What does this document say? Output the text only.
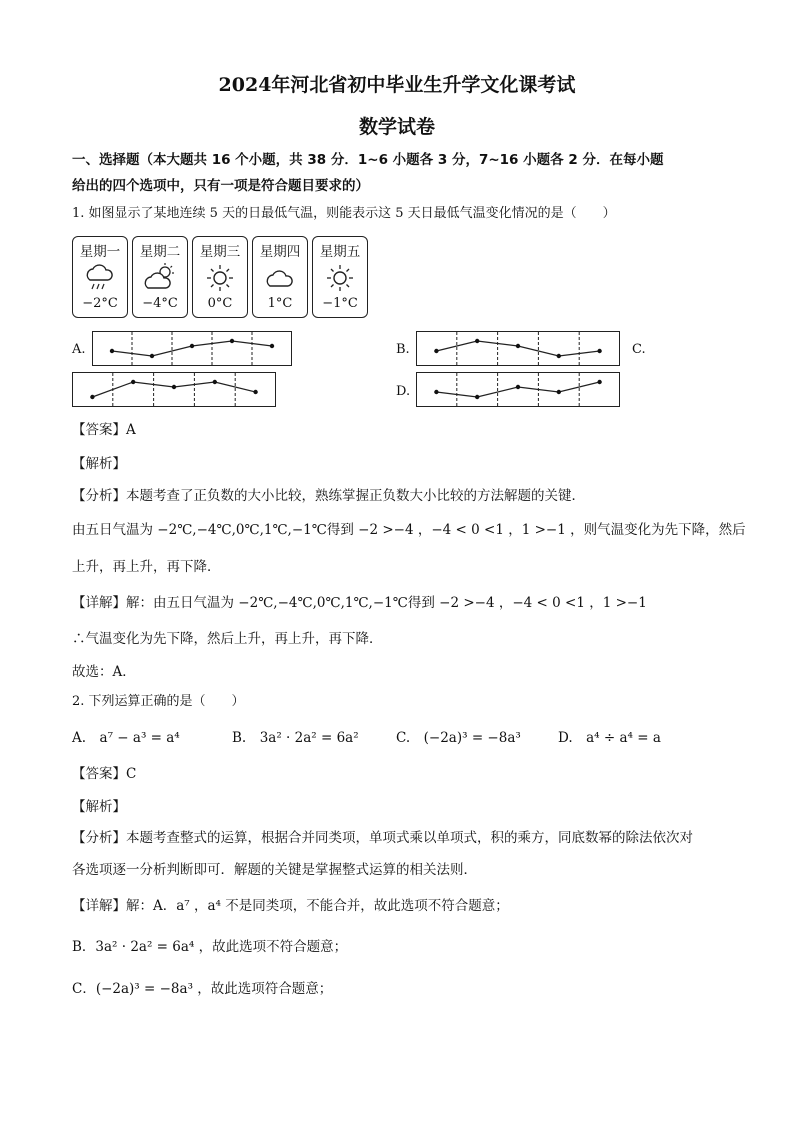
2024年河北省初中毕业生升学文化课考试
数学试卷
一、选择题（本大题共 16 个小题，共 38 分．1~6 小题各 3 分，7~16 小题各 2 分．在每小题
给出的四个选项中，只有一项是符合题目要求的）
1. 如图显示了某地连续 5 天的日最低气温，则能表示这 5 天日最低气温变化情况的是（　　）
星期一
−2°C
星期二
−4°C
星期三
0°C
星期四
1°C
星期五
−1°C
A.	B.	C.
D.
【答案】A
【解析】
【分析】本题考查了正负数的大小比较，熟练掌握正负数大小比较的方法解题的关键．
由五日气温为 −2℃,−4℃,0℃,1℃,−1℃得到 −2 >−4 ，−4 < 0 <1 ，1 >−1 ，则气温变化为先下降，然后
上升，再上升，再下降．
【详解】解：由五日气温为 −2℃,−4℃,0℃,1℃,−1℃得到 −2 >−4 ，−4 < 0 <1 ，1 >−1
∴气温变化为先下降，然后上升，再上升，再下降．
故选：A．
2. 下列运算正确的是（　　）
A.　a⁷ − a³ = a⁴	B.　3a² · 2a² = 6a²	C.　(−2a)³ = −8a³	D.　a⁴ ÷ a⁴ = a
【答案】C
【解析】
【分析】本题考查整式的运算，根据合并同类项，单项式乘以单项式，积的乘方，同底数幂的除法依次对
各选项逐一分析判断即可．解题的关键是掌握整式运算的相关法则．
【详解】解：A．a⁷ ，a⁴ 不是同类项，不能合并，故此选项不符合题意；
B．3a² · 2a² = 6a⁴ ，故此选项不符合题意；
C．(−2a)³ = −8a³ ，故此选项符合题意；
